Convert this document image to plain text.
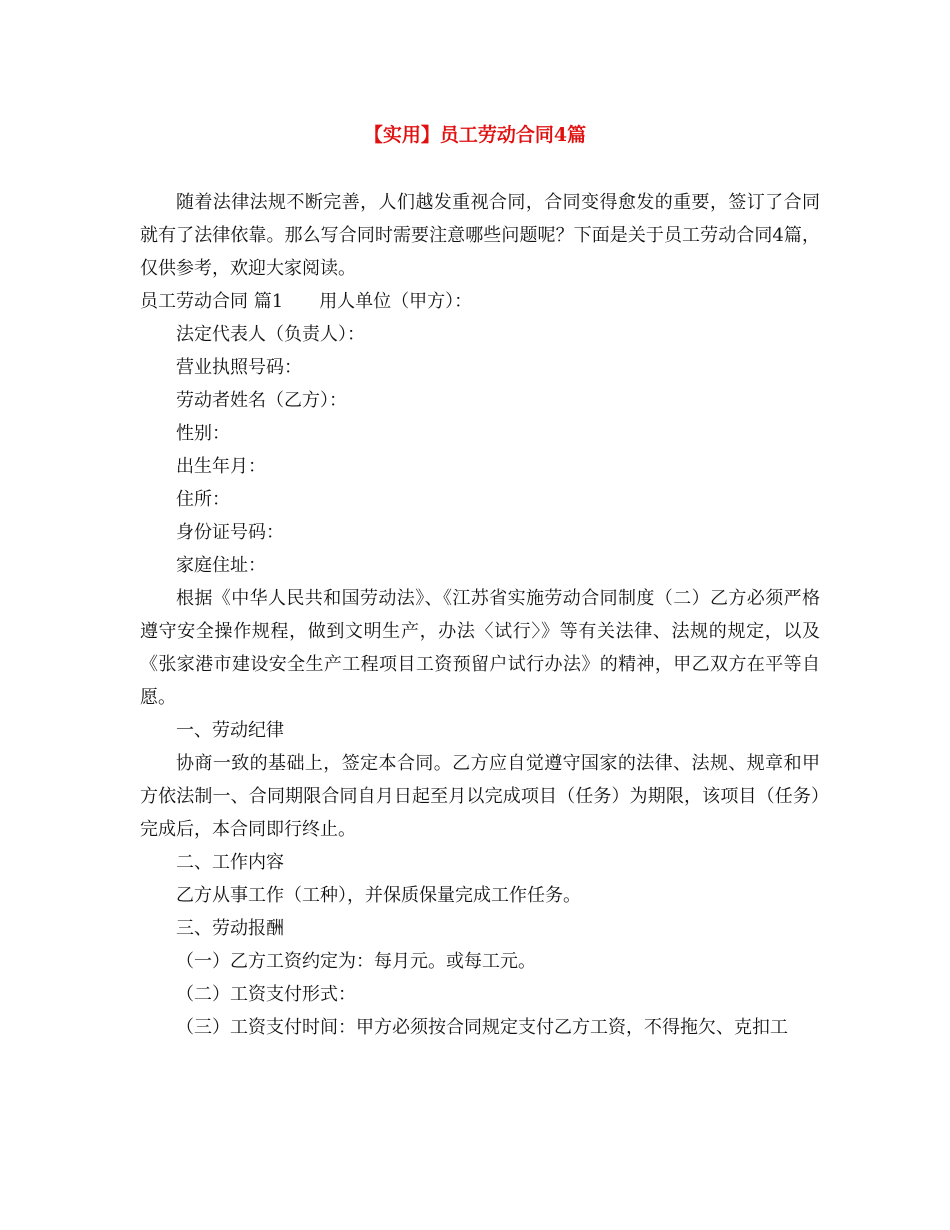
【实用】员工劳动合同4篇

随着法律法规不断完善，人们越发重视合同，合同变得愈发的重要，签订了合同就有了法律依靠。那么写合同时需要注意哪些问题呢？下面是关于员工劳动合同4篇，仅供参考，欢迎大家阅读。

员工劳动合同 篇1 用人单位（甲方）：

法定代表人（负责人）：

营业执照号码：

劳动者姓名（乙方）：

性别：

出生年月：

住所：

身份证号码：

家庭住址：

根据《中华人民共和国劳动法》、《江苏省实施劳动合同制度（二）乙方必须严格遵守安全操作规程，做到文明生产，办法〈试行〉》等有关法律、法规的规定，以及《张家港市建设安全生产工程项目工资预留户试行办法》的精神，甲乙双方在平等自愿。

一、劳动纪律

协商一致的基础上，签定本合同。乙方应自觉遵守国家的法律、法规、规章和甲方依法制一、合同期限合同自月日起至月以完成项目（任务）为期限，该项目（任务）完成后，本合同即行终止。

二、工作内容

乙方从事工作（工种），并保质保量完成工作任务。

三、劳动报酬

（一）乙方工资约定为：每月元。或每工元。

（二）工资支付形式：

（三）工资支付时间：甲方必须按合同规定支付乙方工资，不得拖欠、克扣工
